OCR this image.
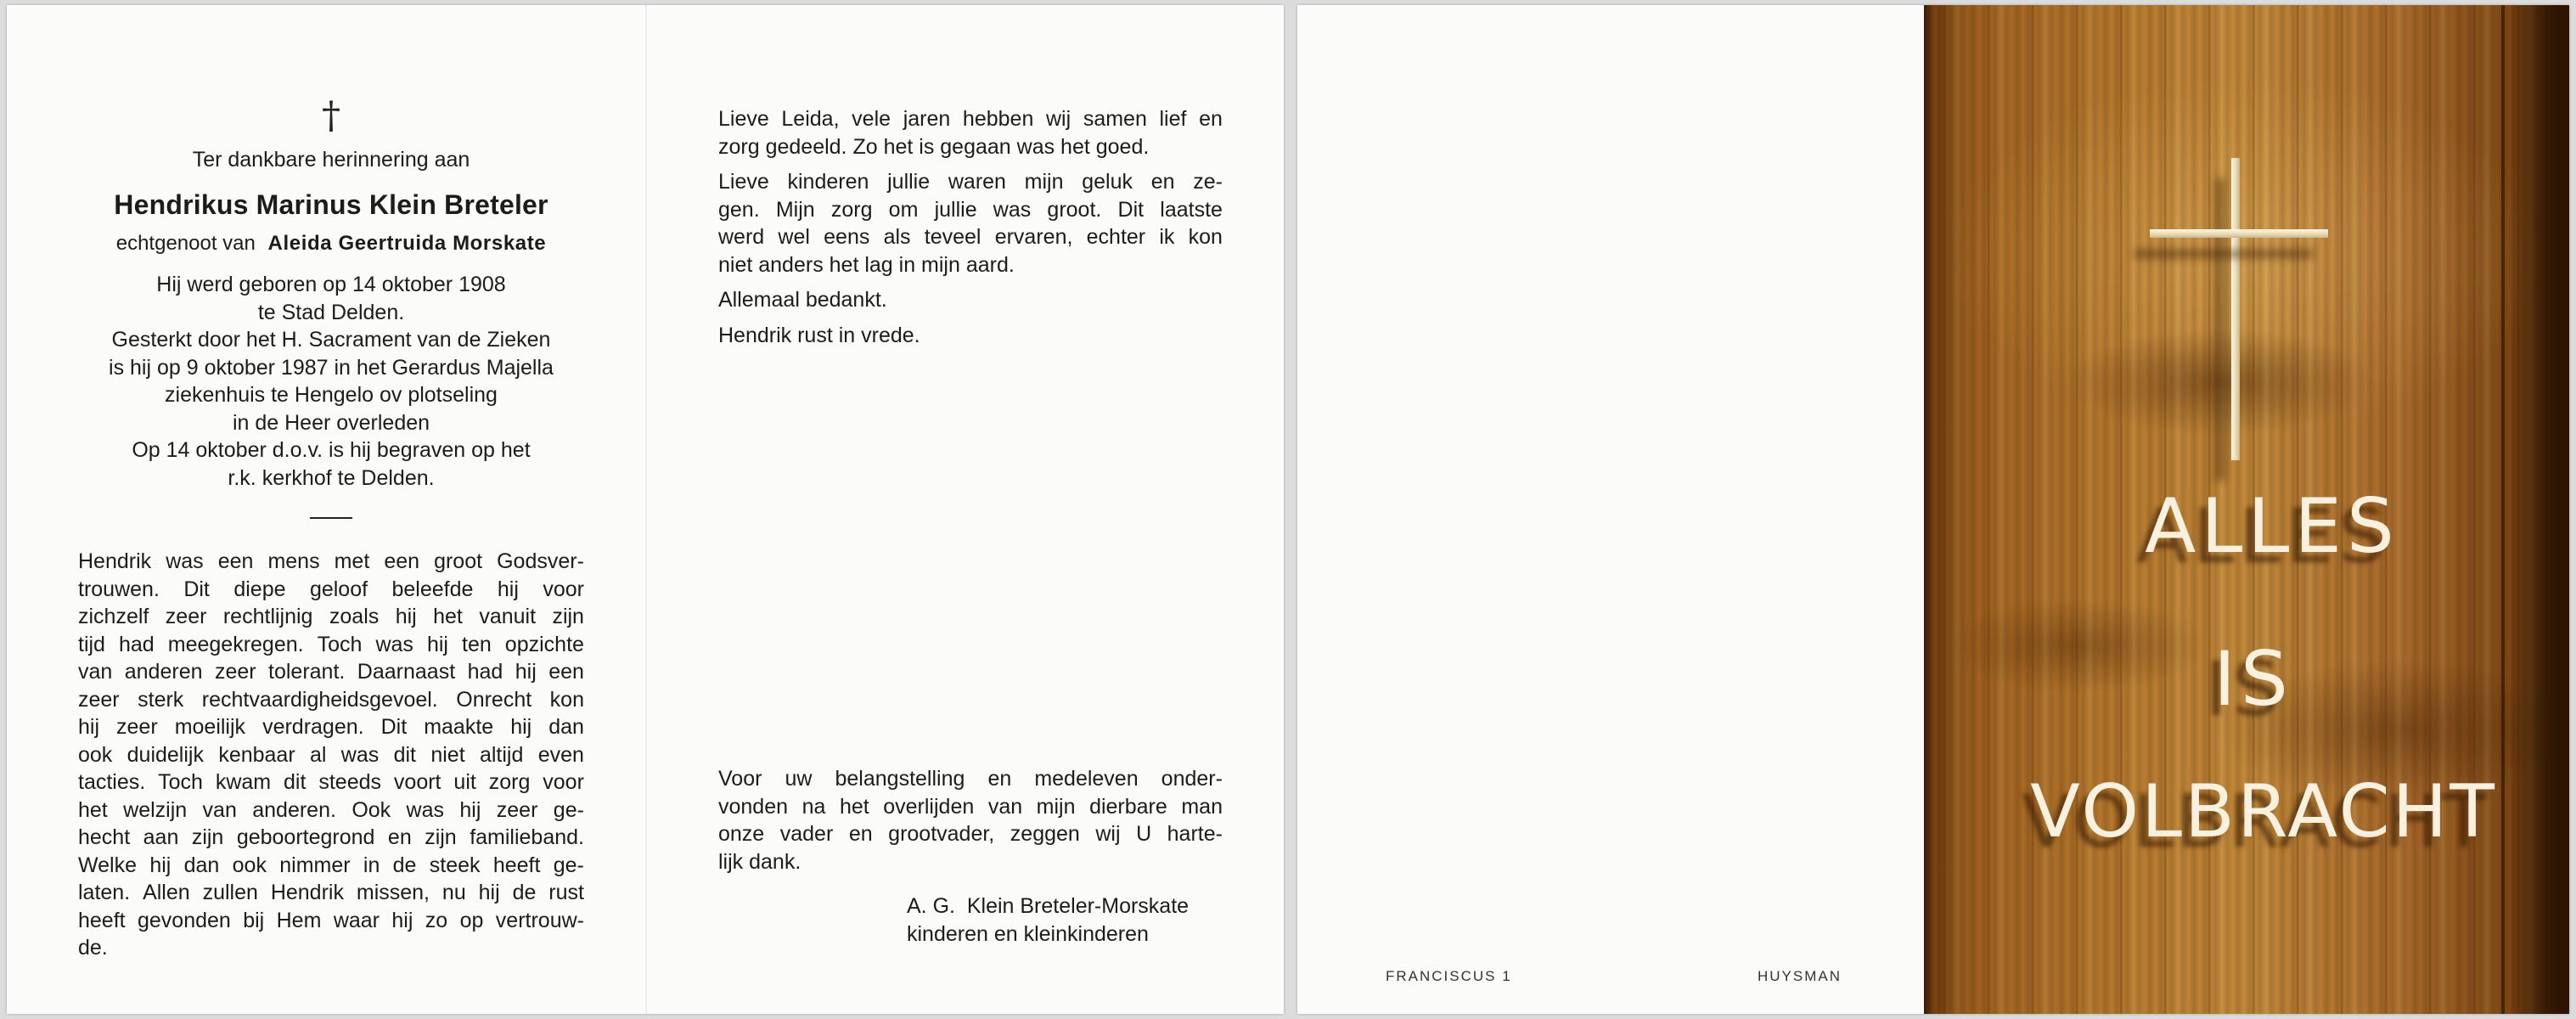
†
Ter dankbare herinnering aan
Hendrikus Marinus Klein Breteler
echtgenoot van Aleida Geertruida Morskate
Hij werd geboren op 14 oktober 1908
te Stad Delden.
Gesterkt door het H. Sacrament van de Zieken
is hij op 9 oktober 1987 in het Gerardus Majella
ziekenhuis te Hengelo ov plotseling
in de Heer overleden
Op 14 oktober d.o.v. is hij begraven op het
r.k. kerkhof te Delden.
Hendrik was een mens met een groot Godsver-
trouwen. Dit diepe geloof beleefde hij voor
zichzelf zeer rechtlijnig zoals hij het vanuit zijn
tijd had meegekregen. Toch was hij ten opzichte
van anderen zeer tolerant. Daarnaast had hij een
zeer sterk rechtvaardigheidsgevoel. Onrecht kon
hij zeer moeilijk verdragen. Dit maakte hij dan
ook duidelijk kenbaar al was dit niet altijd even
tacties. Toch kwam dit steeds voort uit zorg voor
het welzijn van anderen. Ook was hij zeer ge-
hecht aan zijn geboortegrond en zijn familieband.
Welke hij dan ook nimmer in de steek heeft ge-
laten. Allen zullen Hendrik missen, nu hij de rust
heeft gevonden bij Hem waar hij zo op vertrouw-
de.
Lieve Leida, vele jaren hebben wij samen lief en
zorg gedeeld. Zo het is gegaan was het goed.
Lieve kinderen jullie waren mijn geluk en ze-
gen. Mijn zorg om jullie was groot. Dit laatste
werd wel eens als teveel ervaren, echter ik kon
niet anders het lag in mijn aard.
Allemaal bedankt.
Hendrik rust in vrede.
Voor uw belangstelling en medeleven onder-
vonden na het overlijden van mijn dierbare man
onze vader en grootvader, zeggen wij U harte-
lijk dank.
A. G.  Klein Breteler-Morskate
kinderen en kleinkinderen
FRANCISCUS 1	HUYSMAN
ALLES
IS
VOLBRACHT
